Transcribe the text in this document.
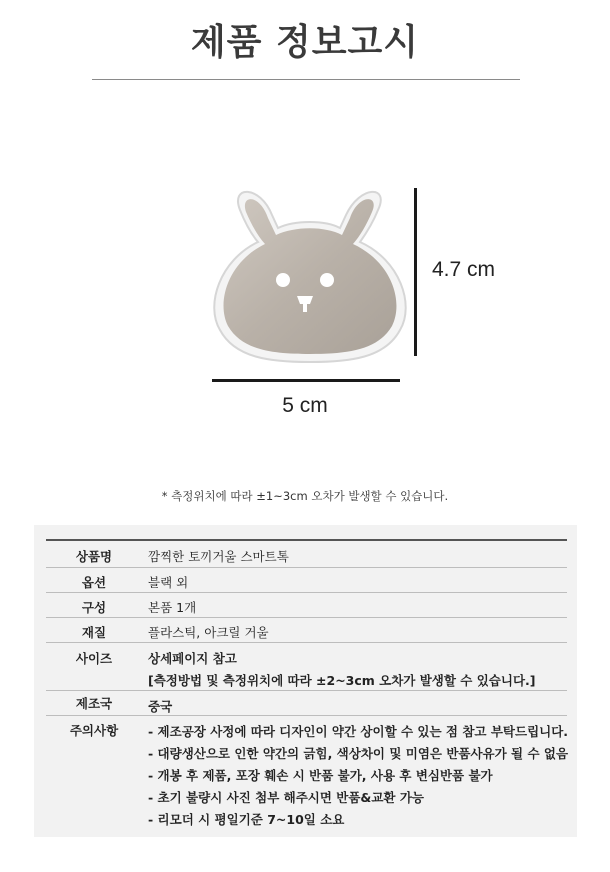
제품 정보고시
4.7 cm
5 cm
* 측정위치에 따라 ±1~3cm 오차가 발생할 수 있습니다.
상품명	깜찍한 토끼거울 스마트톡
옵션	블랙 외
구성	본품 1개
재질	플라스틱, 아크릴 거울
사이즈	상세페이지 참고
[측정방법 및 측정위치에 따라 ±2~3cm 오차가 발생할 수 있습니다.]
제조국	중국
주의사항	- 제조공장 사정에 따라 디자인이 약간 상이할 수 있는 점 참고 부탁드립니다.
- 대량생산으로 인한 약간의 긁힘, 색상차이 및 미염은 반품사유가 될 수 없음
- 개봉 후 제품, 포장 훼손 시 반품 불가, 사용 후 변심반품 불가
- 초기 불량시 사진 첨부 해주시면 반품&교환 가능
- 리모더 시 평일기준 7~10일 소요
